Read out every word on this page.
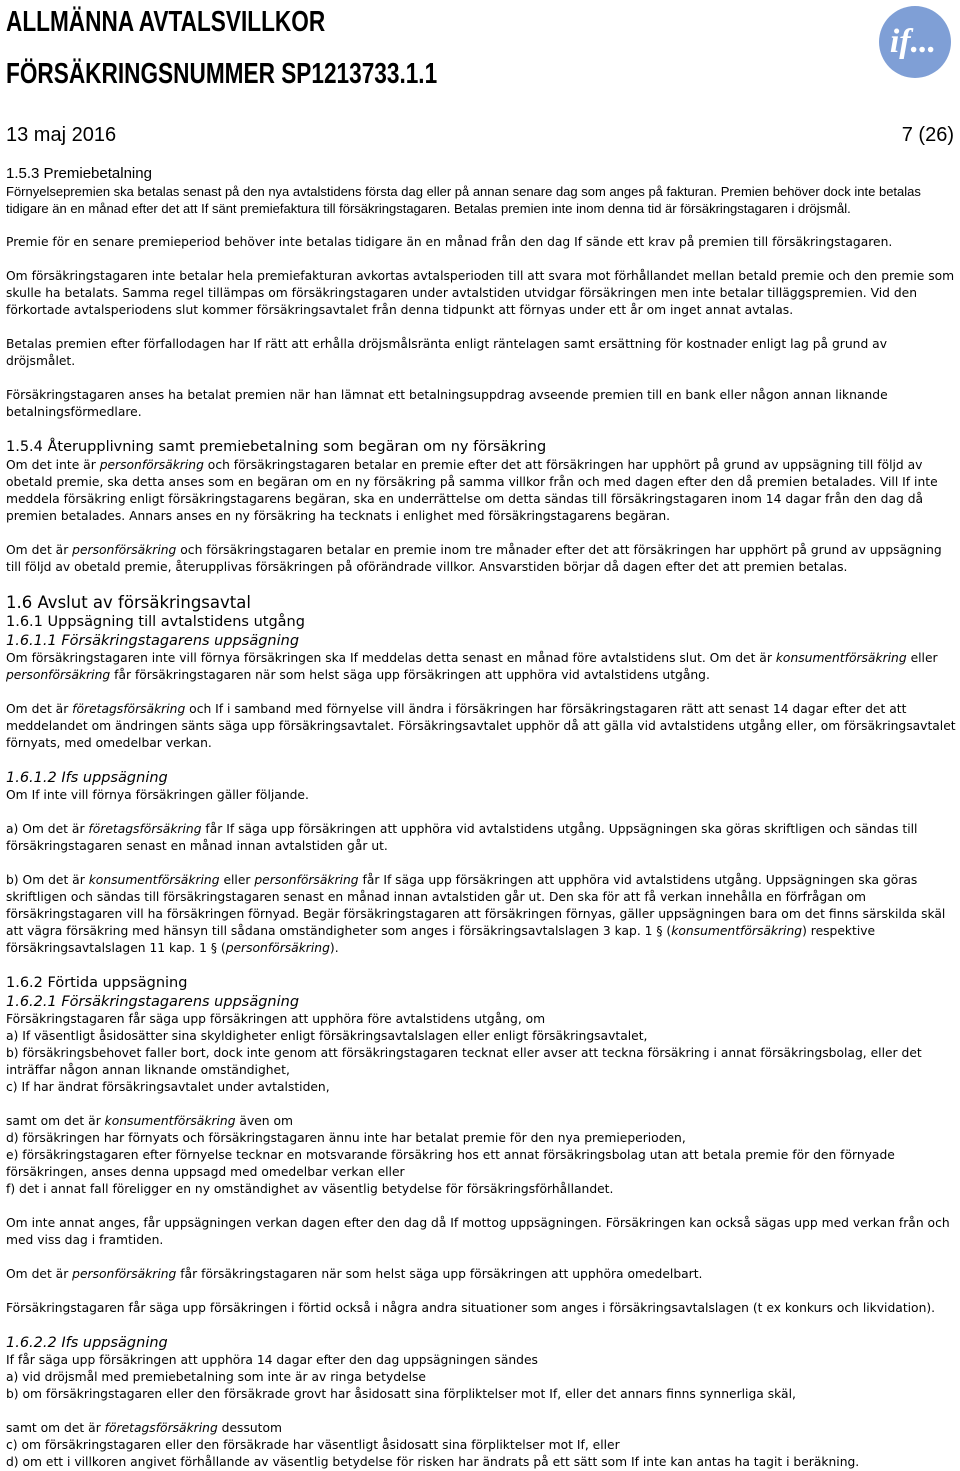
ALLMÄNNA AVTALSVILLKOR
FÖRSÄKRINGSNUMMER SP1213733.1.1
if...
13 maj 2016	7 (26)

1.5.3 Premiebetalning

Förnyelsepremien ska betalas senast på den nya avtalstidens första dag eller på annan senare dag som anges på fakturan. Premien behöver dock inte betalas tidigare än en månad efter det att If sänt premiefaktura till försäkringstagaren. Betalas premien inte inom denna tid är försäkringstagaren i dröjsmål.

Premie för en senare premieperiod behöver inte betalas tidigare än en månad från den dag If sände ett krav på premien till försäkringstagaren.

Om försäkringstagaren inte betalar hela premiefakturan avkortas avtalsperioden till att svara mot förhållandet mellan betald premie och den premie som skulle ha betalats. Samma regel tillämpas om försäkringstagaren under avtalstiden utvidgar försäkringen men inte betalar tilläggspremien. Vid den förkortade avtalsperiodens slut kommer försäkringsavtalet från denna tidpunkt att förnyas under ett år om inget annat avtalas.

Betalas premien efter förfallodagen har If rätt att erhålla dröjsmålsränta enligt räntelagen samt ersättning för kostnader enligt lag på grund av dröjsmålet.

Försäkringstagaren anses ha betalat premien när han lämnat ett betalningsuppdrag avseende premien till en bank eller någon annan liknande betalningsförmedlare.

1.5.4 Återupplivning samt premiebetalning som begäran om ny försäkring

Om det inte är personförsäkring och försäkringstagaren betalar en premie efter det att försäkringen har upphört på grund av uppsägning till följd av obetald premie, ska detta anses som en begäran om en ny försäkring på samma villkor från och med dagen efter den då premien betalades. Vill If inte meddela försäkring enligt försäkringstagarens begäran, ska en underrättelse om detta sändas till försäkringstagaren inom 14 dagar från den dag då premien betalades. Annars anses en ny försäkring ha tecknats i enlighet med försäkringstagarens begäran.

Om det är personförsäkring och försäkringstagaren betalar en premie inom tre månader efter det att försäkringen har upphört på grund av uppsägning till följd av obetald premie, återupplivas försäkringen på oförändrade villkor. Ansvarstiden börjar då dagen efter det att premien betalas.

1.6 Avslut av försäkringsavtal

1.6.1 Uppsägning till avtalstidens utgång

1.6.1.1 Försäkringstagarens uppsägning

Om försäkringstagaren inte vill förnya försäkringen ska If meddelas detta senast en månad före avtalstidens slut. Om det är konsumentförsäkring eller personförsäkring får försäkringstagaren när som helst säga upp försäkringen att upphöra vid avtalstidens utgång.

Om det är företagsförsäkring och If i samband med förnyelse vill ändra i försäkringen har försäkringstagaren rätt att senast 14 dagar efter det att meddelandet om ändringen sänts säga upp försäkringsavtalet. Försäkringsavtalet upphör då att gälla vid avtalstidens utgång eller, om försäkringsavtalet förnyats, med omedelbar verkan.

1.6.1.2 Ifs uppsägning

Om If inte vill förnya försäkringen gäller följande.

a) Om det är företagsförsäkring får If säga upp försäkringen att upphöra vid avtalstidens utgång. Uppsägningen ska göras skriftligen och sändas till försäkringstagaren senast en månad innan avtalstiden går ut.

b) Om det är konsumentförsäkring eller personförsäkring får If säga upp försäkringen att upphöra vid avtalstidens utgång. Uppsägningen ska göras skriftligen och sändas till försäkringstagaren senast en månad innan avtalstiden går ut. Den ska för att få verkan innehålla en förfrågan om försäkringstagaren vill ha försäkringen förnyad. Begär försäkringstagaren att försäkringen förnyas, gäller uppsägningen bara om det finns särskilda skäl att vägra försäkring med hänsyn till sådana omständigheter som anges i försäkringsavtalslagen 3 kap. 1 § (konsumentförsäkring) respektive försäkringsavtalslagen 11 kap. 1 § (personförsäkring).

1.6.2 Förtida uppsägning

1.6.2.1 Försäkringstagarens uppsägning

Försäkringstagaren får säga upp försäkringen att upphöra före avtalstidens utgång, om

a) If väsentligt åsidosätter sina skyldigheter enligt försäkringsavtalslagen eller enligt försäkringsavtalet,

b) försäkringsbehovet faller bort, dock inte genom att försäkringstagaren tecknat eller avser att teckna försäkring i annat försäkringsbolag, eller det inträffar någon annan liknande omständighet,

c) If har ändrat försäkringsavtalet under avtalstiden,

samt om det är konsumentförsäkring även om

d) försäkringen har förnyats och försäkringstagaren ännu inte har betalat premie för den nya premieperioden,

e) försäkringstagaren efter förnyelse tecknar en motsvarande försäkring hos ett annat försäkringsbolag utan att betala premie för den förnyade försäkringen, anses denna uppsagd med omedelbar verkan eller

f) det i annat fall föreligger en ny omständighet av väsentlig betydelse för försäkringsförhållandet.

Om inte annat anges, får uppsägningen verkan dagen efter den dag då If mottog uppsägningen. Försäkringen kan också sägas upp med verkan från och med viss dag i framtiden.

Om det är personförsäkring får försäkringstagaren när som helst säga upp försäkringen att upphöra omedelbart.

Försäkringstagaren får säga upp försäkringen i förtid också i några andra situationer som anges i försäkringsavtalslagen (t ex konkurs och likvidation).

1.6.2.2 Ifs uppsägning

If får säga upp försäkringen att upphöra 14 dagar efter den dag uppsägningen sändes

a) vid dröjsmål med premiebetalning som inte är av ringa betydelse

b) om försäkringstagaren eller den försäkrade grovt har åsidosatt sina förpliktelser mot If, eller det annars finns synnerliga skäl,

samt om det är företagsförsäkring dessutom

c) om försäkringstagaren eller den försäkrade har väsentligt åsidosatt sina förpliktelser mot If, eller

d) om ett i villkoren angivet förhållande av väsentlig betydelse för risken har ändrats på ett sätt som If inte kan antas ha tagit i beräkning.
